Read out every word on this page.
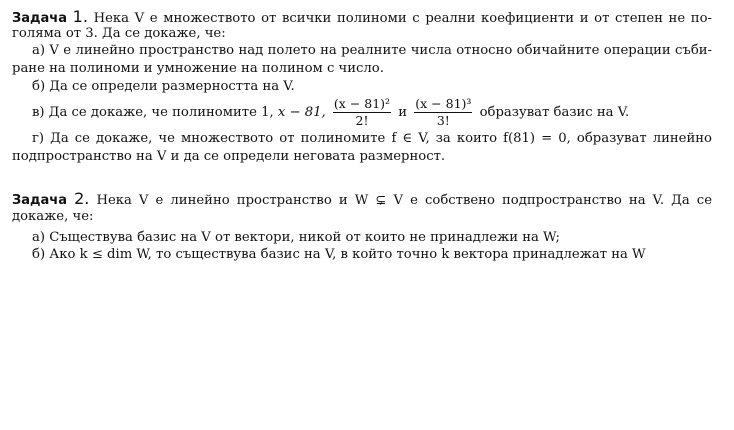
Задача 1. Нека V е множеството от всички полиноми с реални коефициенти и от степен не по-
голяма от 3. Да се докаже, че:
а) V е линейно пространство над полето на реалните числа относно обичайните операции съби-
ране на полиноми и умножение на полином с число.
б) Да се определи размерността на V.
в) Да се докаже, че полиномите 1, x − 81, $\frac{\text{(x − 81)²}}{2!}$ и $\frac{\text{(x − 81)³}}{3!}$ образуват базис на V.
г) Да се докаже, че множеството от полиномите f ∈ V, за които f(81) = 0, образуват линейно
подпространство на V и да се определи неговата размерност.
Задача 2. Нека V е линейно пространство и W ⊊ V е собствено подпространство на V. Да се
докаже, че:
а) Съществува базис на V от вектори, никой от които не принадлежи на W;
б) Ако k ≤ dim W, то съществува базис на V, в който точно k вектора принадлежат на W
